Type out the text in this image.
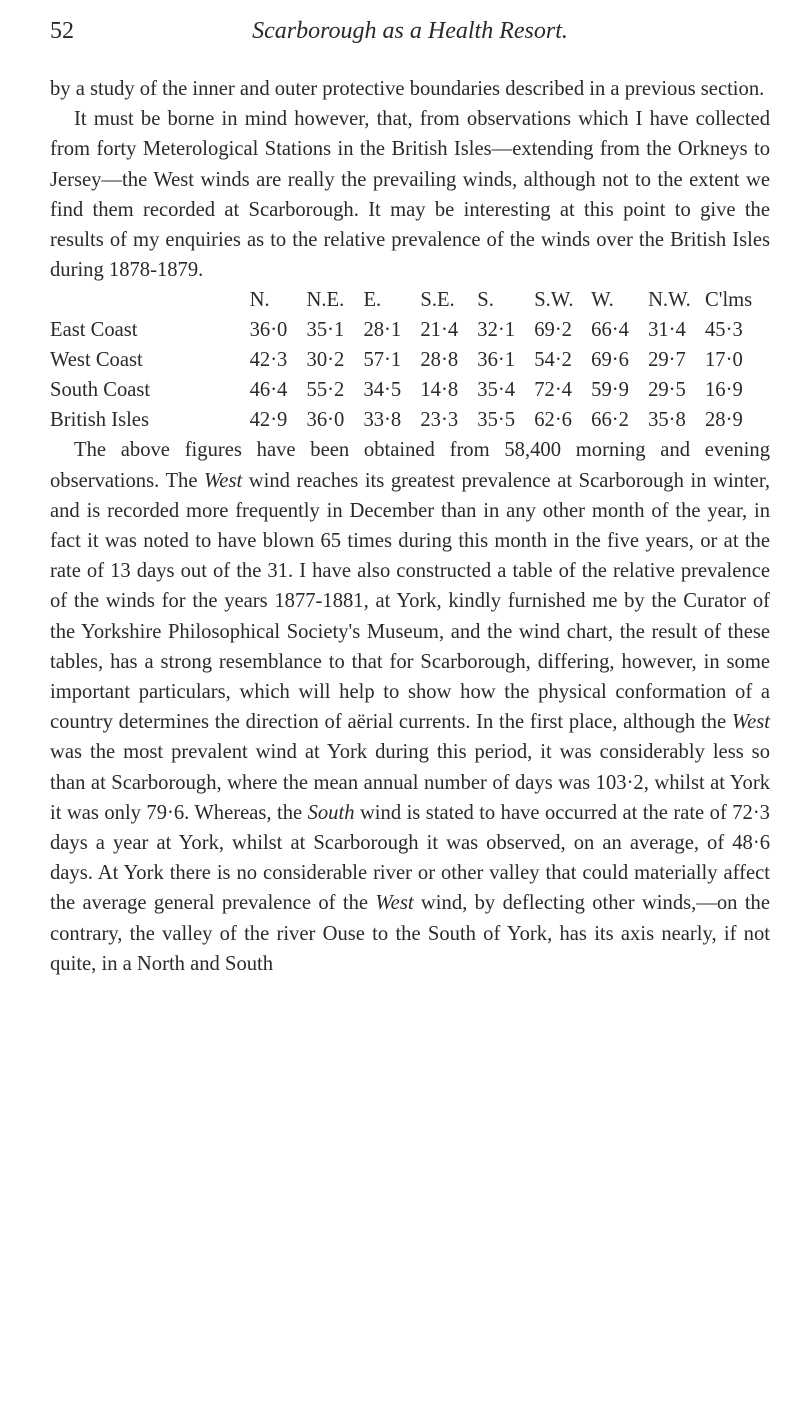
52	Scarborough as a Health Resort.

by a study of the inner and outer protective boundaries described in a previous section.

It must be borne in mind however, that, from observations which I have collected from forty Meterological Stations in the British Isles—extending from the Orkneys to Jersey—the West winds are really the prevailing winds, although not to the extent we find them recorded at Scarborough. It may be interesting at this point to give the results of my enquiries as to the relative prevalence of the winds over the British Isles during 1878-1879.

	N.	N.E.	E.	S.E.	S.	S.W.	W.	N.W.	C'lms
East Coast	36·0	35·1	28·1	21·4	32·1	69·2	66·4	31·4	45·3
West Coast	42·3	30·2	57·1	28·8	36·1	54·2	69·6	29·7	17·0
South Coast	46·4	55·2	34·5	14·8	35·4	72·4	59·9	29·5	16·9
British Isles	42·9	36·0	33·8	23·3	35·5	62·6	66·2	35·8	28·9

The above figures have been obtained from 58,400 morning and evening observations. The West wind reaches its greatest prevalence at Scarborough in winter, and is recorded more frequently in December than in any other month of the year, in fact it was noted to have blown 65 times during this month in the five years, or at the rate of 13 days out of the 31. I have also constructed a table of the relative prevalence of the winds for the years 1877-1881, at York, kindly furnished me by the Curator of the Yorkshire Philosophical Society's Museum, and the wind chart, the result of these tables, has a strong resemblance to that for Scarborough, differing, however, in some important particulars, which will help to show how the physical conformation of a country determines the direction of aërial currents. In the first place, although the West was the most prevalent wind at York during this period, it was considerably less so than at Scarborough, where the mean annual number of days was 103·2, whilst at York it was only 79·6. Whereas, the South wind is stated to have occurred at the rate of 72·3 days a year at York, whilst at Scarborough it was observed, on an average, of 48·6 days. At York there is no considerable river or other valley that could materially affect the average general prevalence of the West wind, by deflecting other winds,—on the contrary, the valley of the river Ouse to the South of York, has its axis nearly, if not quite, in a North and South
